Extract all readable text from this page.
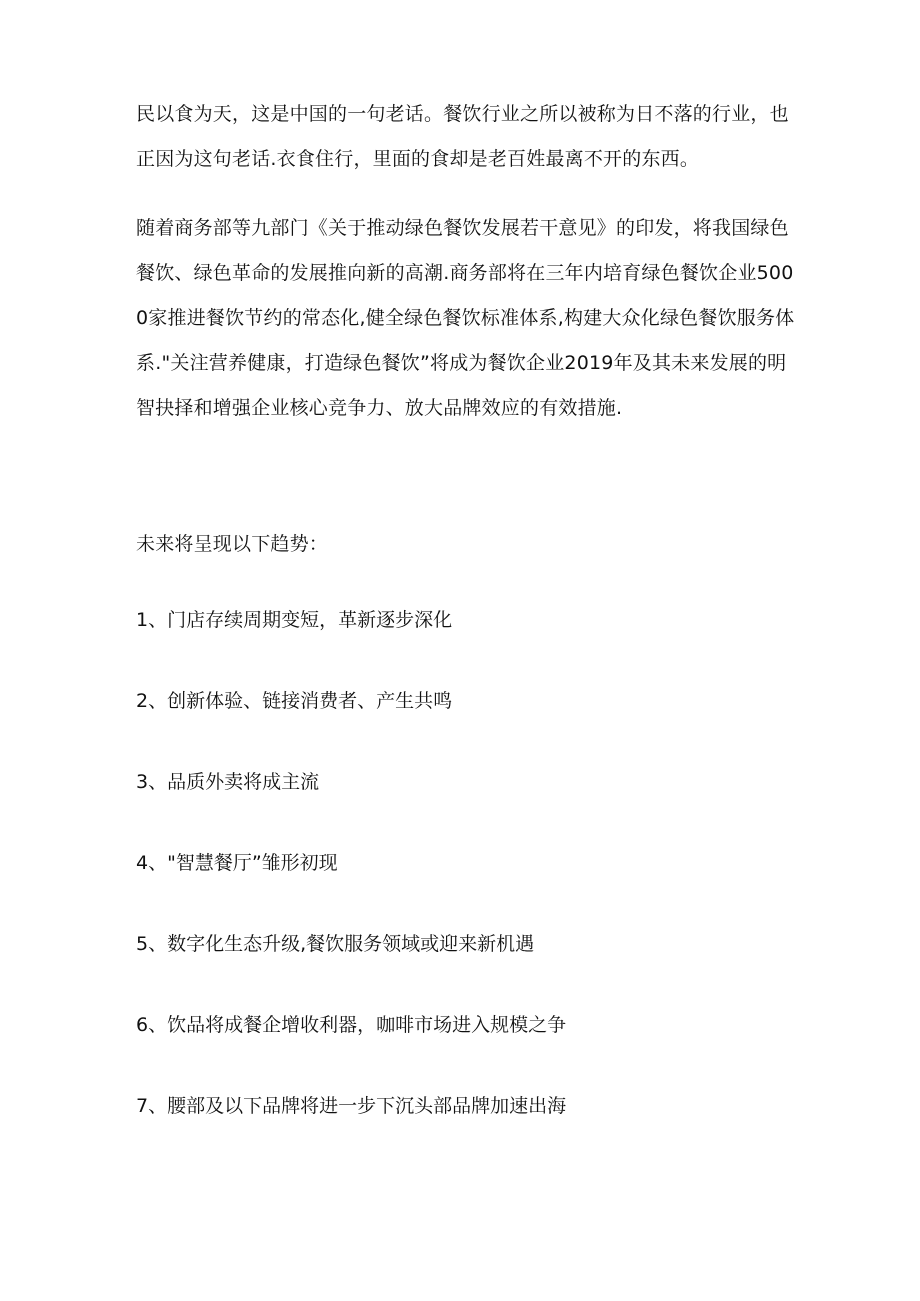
民以食为天，这是中国的一句老话。餐饮行业之所以被称为日不落的行业，也正因为这句老话.衣食住行，里面的食却是老百姓最离不开的东西。

随着商务部等九部门《关于推动绿色餐饮发展若干意见》的印发，将我国绿色餐饮、绿色革命的发展推向新的高潮.商务部将在三年内培育绿色餐饮企业5000家推进餐饮节约的常态化,健全绿色餐饮标准体系,构建大众化绿色餐饮服务体系."关注营养健康，打造绿色餐饮”将成为餐饮企业2019年及其未来发展的明智抉择和增强企业核心竞争力、放大品牌效应的有效措施.

未来将呈现以下趋势：

1、门店存续周期变短，革新逐步深化

2、创新体验、链接消费者、产生共鸣

3、品质外卖将成主流

4、"智慧餐厅”雏形初现

5、数字化生态升级,餐饮服务领域或迎来新机遇

6、饮品将成餐企增收利器，咖啡市场进入规模之争

7、腰部及以下品牌将进一步下沉头部品牌加速出海
